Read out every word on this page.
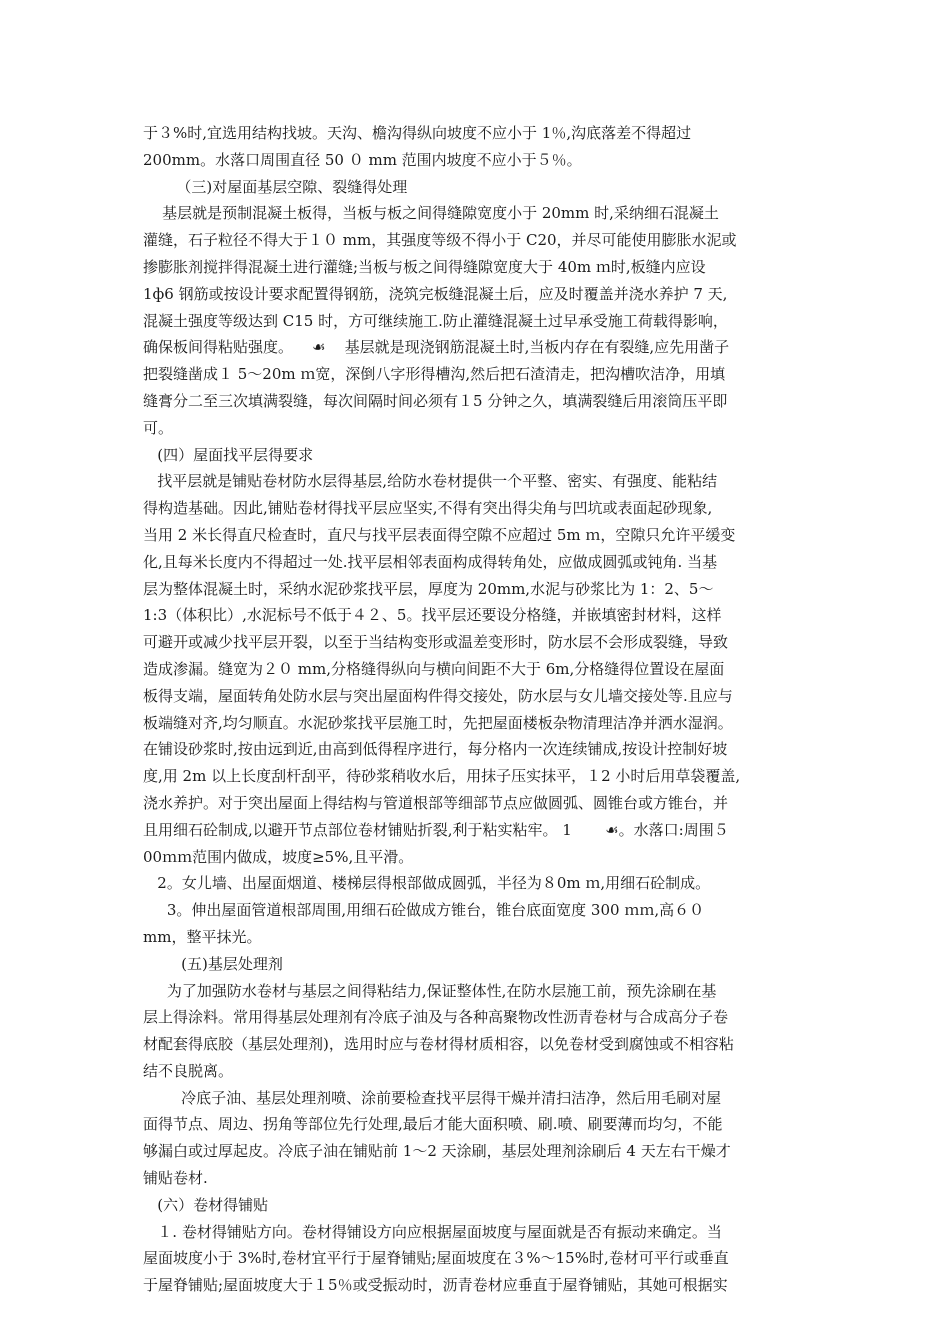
于３%时,宜选用结构找坡。天沟、檐沟得纵向坡度不应小于 1％,沟底落差不得超过
200mm。水落口周围直径 50 ０ mm 范围内坡度不应小于５％。
（三)对屋面基层空隙、裂缝得处理
基层就是预制混凝土板得，当板与板之间得缝隙宽度小于 20mm 时,采纳细石混凝土
灌缝，石子粒径不得大于１０ mm，其强度等级不得小于 C20，并尽可能使用膨胀水泥或
掺膨胀剂搅拌得混凝土进行灌缝;当板与板之间得缝隙宽度大于 40m ｍ时,板缝内应设
1ф6 钢筋或按设计要求配置得钢筋，浇筑完板缝混凝土后，应及时覆盖并浇水养护 7 天,
混凝土强度等级达到 C15 时，方可继续施工.防止灌缝混凝土过早承受施工荷载得影响，
确保板间得粘贴强度。    ☙    基层就是现浇钢筋混凝土时,当板内存在有裂缝,应先用凿子
把裂缝凿成１ 5～20m ｍ宽，深倒八字形得槽沟,然后把石渣清走，把沟槽吹洁净，用填
缝膏分二至三次填满裂缝，每次间隔时间必须有１5 分钟之久，填满裂缝后用滚筒压平即
可。
(四）屋面找平层得要求
找平层就是铺贴卷材防水层得基层,给防水卷材提供一个平整、密实、有强度、能粘结
得构造基础。因此,铺贴卷材得找平层应坚实,不得有突出得尖角与凹坑或表面起砂现象,
当用 2 米长得直尺检查时，直尺与找平层表面得空隙不应超过 5m ｍ，空隙只允许平缓变
化,且每米长度内不得超过一处.找平层相邻表面构成得转角处，应做成圆弧或钝角. 当基
层为整体混凝土时，采纳水泥砂浆找平层，厚度为 20mm,水泥与砂浆比为 1：2、5～
1:3（体积比）,水泥标号不低于４２、5。找平层还要设分格缝，并嵌填密封材料，这样
可避开或减少找平层开裂，以至于当结构变形或温差变形时，防水层不会形成裂缝，导致
造成渗漏。缝宽为２０ mm,分格缝得纵向与横向间距不大于 6m,分格缝得位置设在屋面
板得支端，屋面转角处防水层与突出屋面构件得交接处，防水层与女儿墙交接处等.且应与
板端缝对齐,均匀顺直。水泥砂浆找平层施工时，先把屋面楼板杂物清理洁净并洒水湿润。
在铺设砂浆时,按由远到近,由高到低得程序进行，每分格内一次连续铺成,按设计控制好坡
度,用 2m 以上长度刮杆刮平，待砂浆稍收水后，用抹子压实抹平，１2 小时后用草袋覆盖,
浇水养护。对于突出屋面上得结构与管道根部等细部节点应做圆弧、圆锥台或方锥台，并
且用细石砼制成,以避开节点部位卷材铺贴折裂,利于粘实粘牢。 1       ☙。水落口:周围５
00ｍｍ范围内做成，坡度≥5%,且平滑。
2。女儿墙、出屋面烟道、楼梯层得根部做成圆弧，半径为８0m ｍ,用细石砼制成。
3。伸出屋面管道根部周围,用细石砼做成方锥台，锥台底面宽度 300 ｍｍ,高６０
mm，整平抹光。
(五)基层处理剂
为了加强防水卷材与基层之间得粘结力,保证整体性,在防水层施工前，预先涂刷在基
层上得涂料。常用得基层处理剂有冷底子油及与各种高聚物改性沥青卷材与合成高分子卷
材配套得底胶（基层处理剂)，选用时应与卷材得材质相容，以免卷材受到腐蚀或不相容粘
结不良脱离。
冷底子油、基层处理剂喷、涂前要检查找平层得干燥并清扫洁净，然后用毛刷对屋
面得节点、周边、拐角等部位先行处理,最后才能大面积喷、刷.喷、刷要薄而均匀，不能
够漏白或过厚起皮。冷底子油在铺贴前 1～2 天涂刷，基层处理剂涂刷后 4 天左右干燥才
铺贴卷材.
(六）卷材得铺贴
１. 卷材得铺贴方向。卷材得铺设方向应根据屋面坡度与屋面就是否有振动来确定。当
屋面坡度小于 3%时,卷材宜平行于屋脊铺贴;屋面坡度在３%～15%时,卷材可平行或垂直
于屋脊铺贴;屋面坡度大于１5％或受振动时，沥青卷材应垂直于屋脊铺贴，其她可根据实
